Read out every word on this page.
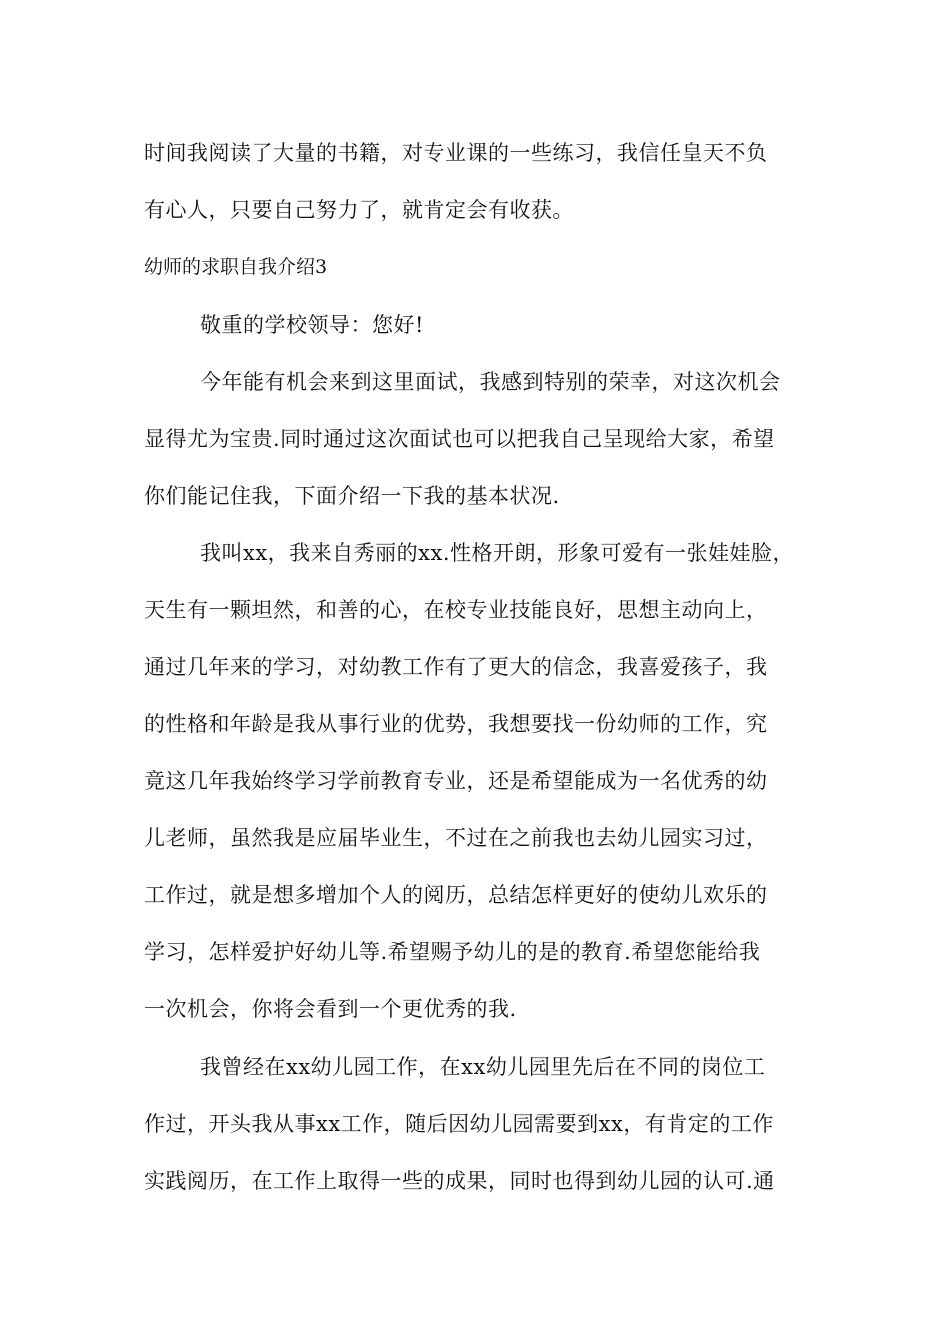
时间我阅读了大量的书籍，对专业课的一些练习，我信任皇天不负
有心人，只要自己努力了，就肯定会有收获。
幼师的求职自我介绍3
敬重的学校领导：您好!
今年能有机会来到这里面试，我感到特别的荣幸，对这次机会
显得尤为宝贵.同时通过这次面试也可以把我自己呈现给大家，希望
你们能记住我，下面介绍一下我的基本状况.
我叫xx，我来自秀丽的xx.性格开朗，形象可爱有一张娃娃脸，
天生有一颗坦然，和善的心，在校专业技能良好，思想主动向上，
通过几年来的学习，对幼教工作有了更大的信念，我喜爱孩子，我
的性格和年龄是我从事行业的优势，我想要找一份幼师的工作，究
竟这几年我始终学习学前教育专业，还是希望能成为一名优秀的幼
儿老师，虽然我是应届毕业生，不过在之前我也去幼儿园实习过，
工作过，就是想多增加个人的阅历，总结怎样更好的使幼儿欢乐的
学习，怎样爱护好幼儿等.希望赐予幼儿的是的教育.希望您能给我
一次机会，你将会看到一个更优秀的我.
我曾经在xx幼儿园工作，在xx幼儿园里先后在不同的岗位工
作过，开头我从事xx工作，随后因幼儿园需要到xx，有肯定的工作
实践阅历，在工作上取得一些的成果，同时也得到幼儿园的认可.通
